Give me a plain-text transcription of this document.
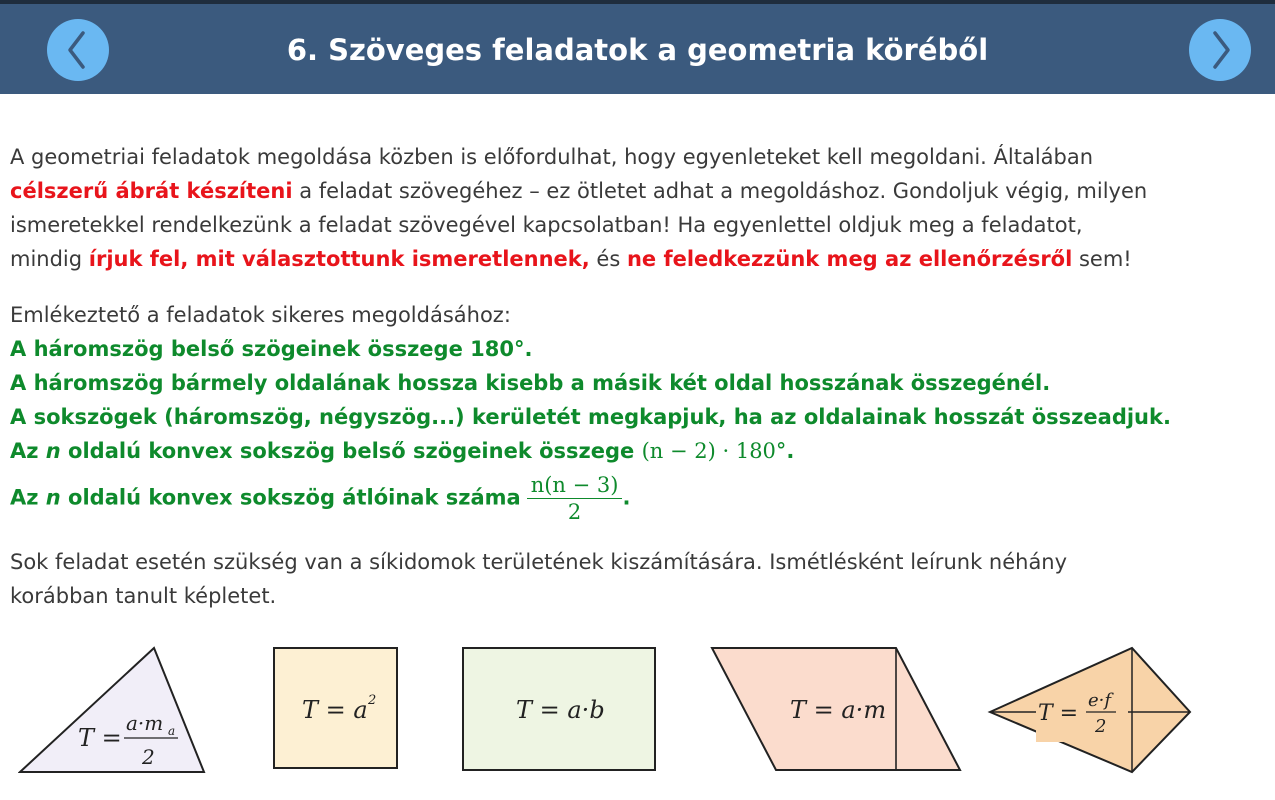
6. Szöveges feladatok a geometria köréből

A geometriai feladatok megoldása közben is előfordulhat, hogy egyenleteket kell megoldani. Általában
célszerű ábrát készíteni a feladat szövegéhez – ez ötletet adhat a megoldáshoz. Gondoljuk végig, milyen
ismeretekkel rendelkezünk a feladat szövegével kapcsolatban! Ha egyenlettel oldjuk meg a feladatot,
mindig írjuk fel, mit választottunk ismeretlennek, és ne feledkezzünk meg az ellenőrzésről sem!

Emlékeztető a feladatok sikeres megoldásához:
A háromszög belső szögeinek összege 180°.
A háromszög bármely oldalának hossza kisebb a másik két oldal hosszának összegénél.
A sokszögek (háromszög, négyszög...) kerületét megkapjuk, ha az oldalainak hosszát összeadjuk.
Az n oldalú konvex sokszög belső szögeinek összege (n − 2) · 180°.
Az n oldalú konvex sokszög átlóinak száma $\frac{n(n - 3)}{2}$ .

Sok feladat esetén szükség van a síkidomok területének kiszámítására. Ismétlésként leírunk néhány
korábban tanult képletet.

T =
a·m a
2
T = a 2	T = a·b	T = a·m	T =
e·f
2
